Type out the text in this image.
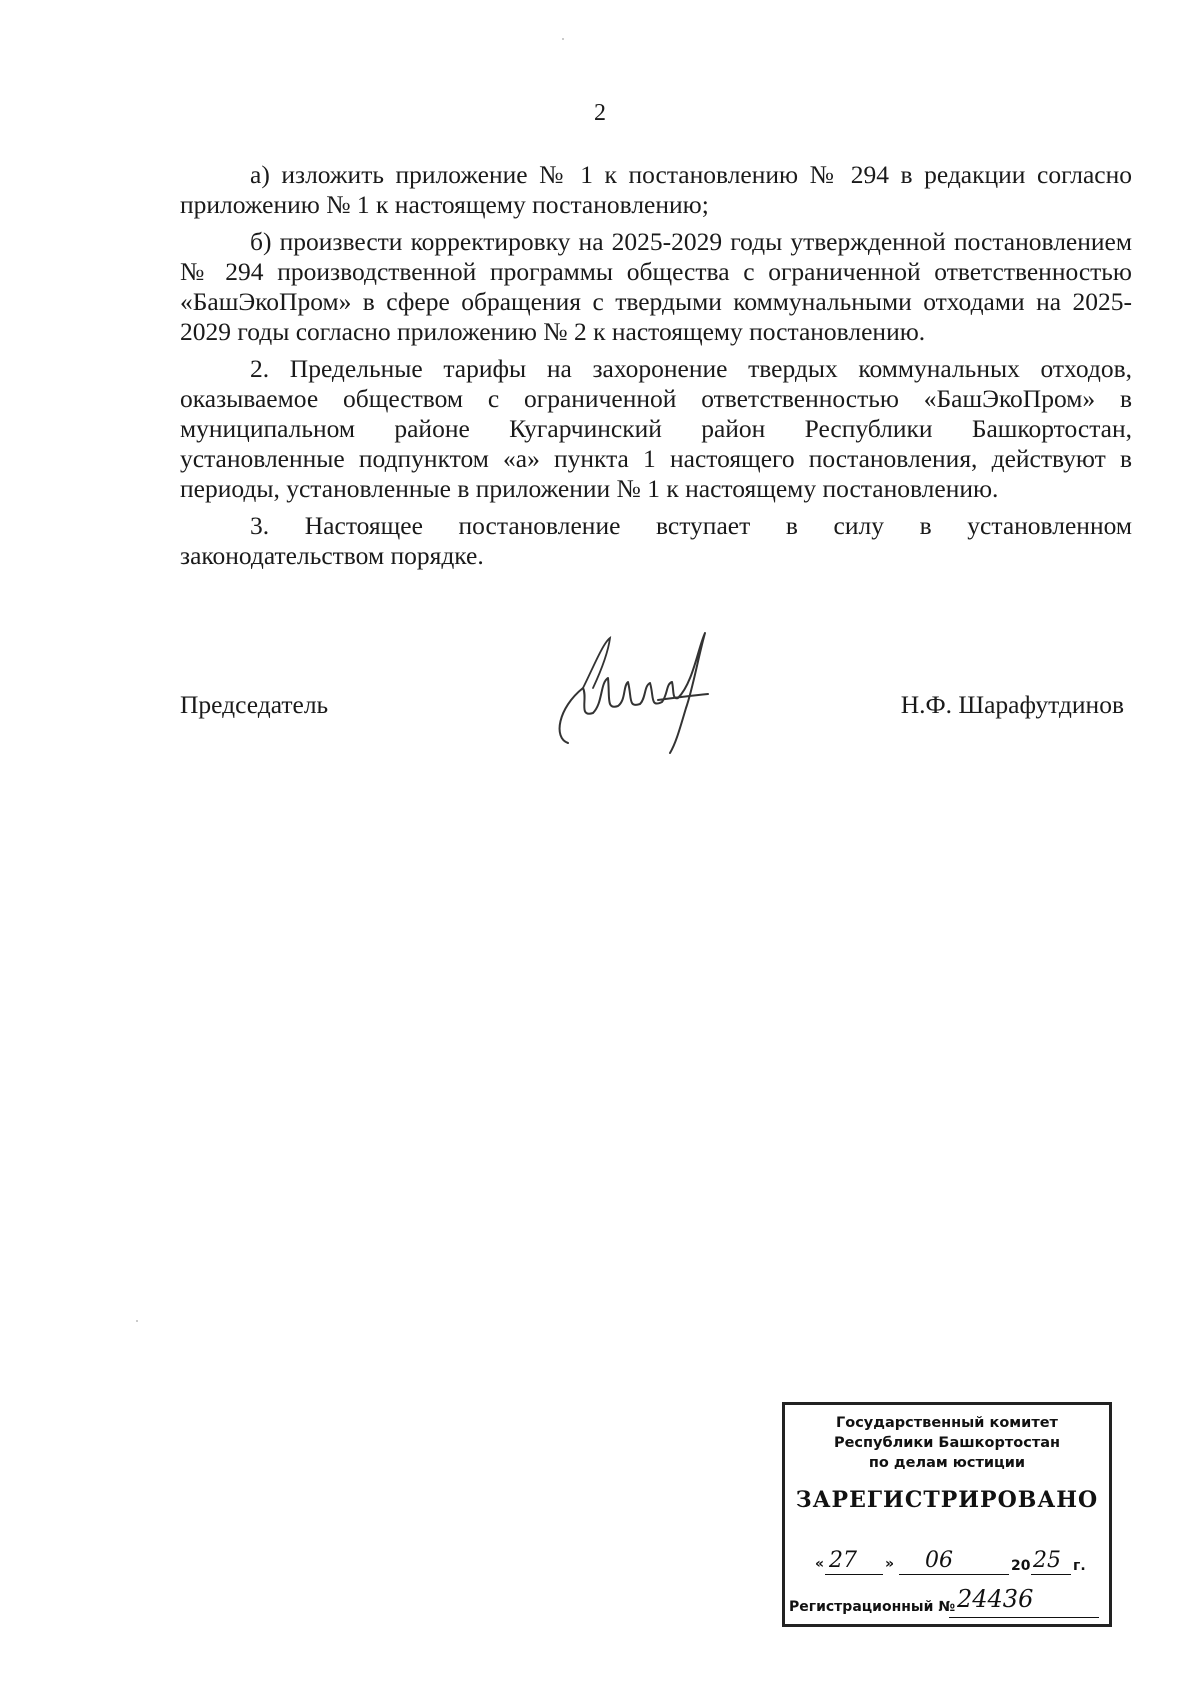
2

а) изложить приложение № 1 к постановлению № 294 в редакции согласно приложению № 1 к настоящему постановлению;

б) произвести корректировку на 2025-2029 годы утвержденной постановлением № 294 производственной программы общества с ограниченной ответственностью «БашЭкоПром» в сфере обращения с твердыми коммунальными отходами на 2025-2029 годы согласно приложению № 2 к настоящему постановлению.

2. Предельные тарифы на захоронение твердых коммунальных отходов, оказываемое обществом с ограниченной ответственностью «БашЭкоПром» в муниципальном районе Кугарчинский район Республики Башкортостан, установленные подпунктом «а» пункта 1 настоящего постановления, действуют в периоды, установленные в приложении № 1 к настоящему постановлению.

3. Настоящее постановление вступает в силу в установленном законодательством порядке.

Председатель	Н.Ф. Шарафутдинов
Государственный комитет
Республики Башкортостан
по делам юстиции
ЗАРЕГИСТРИРОВАНО
« 27 » 06	20 25 г.
Регистрационный № 24436
